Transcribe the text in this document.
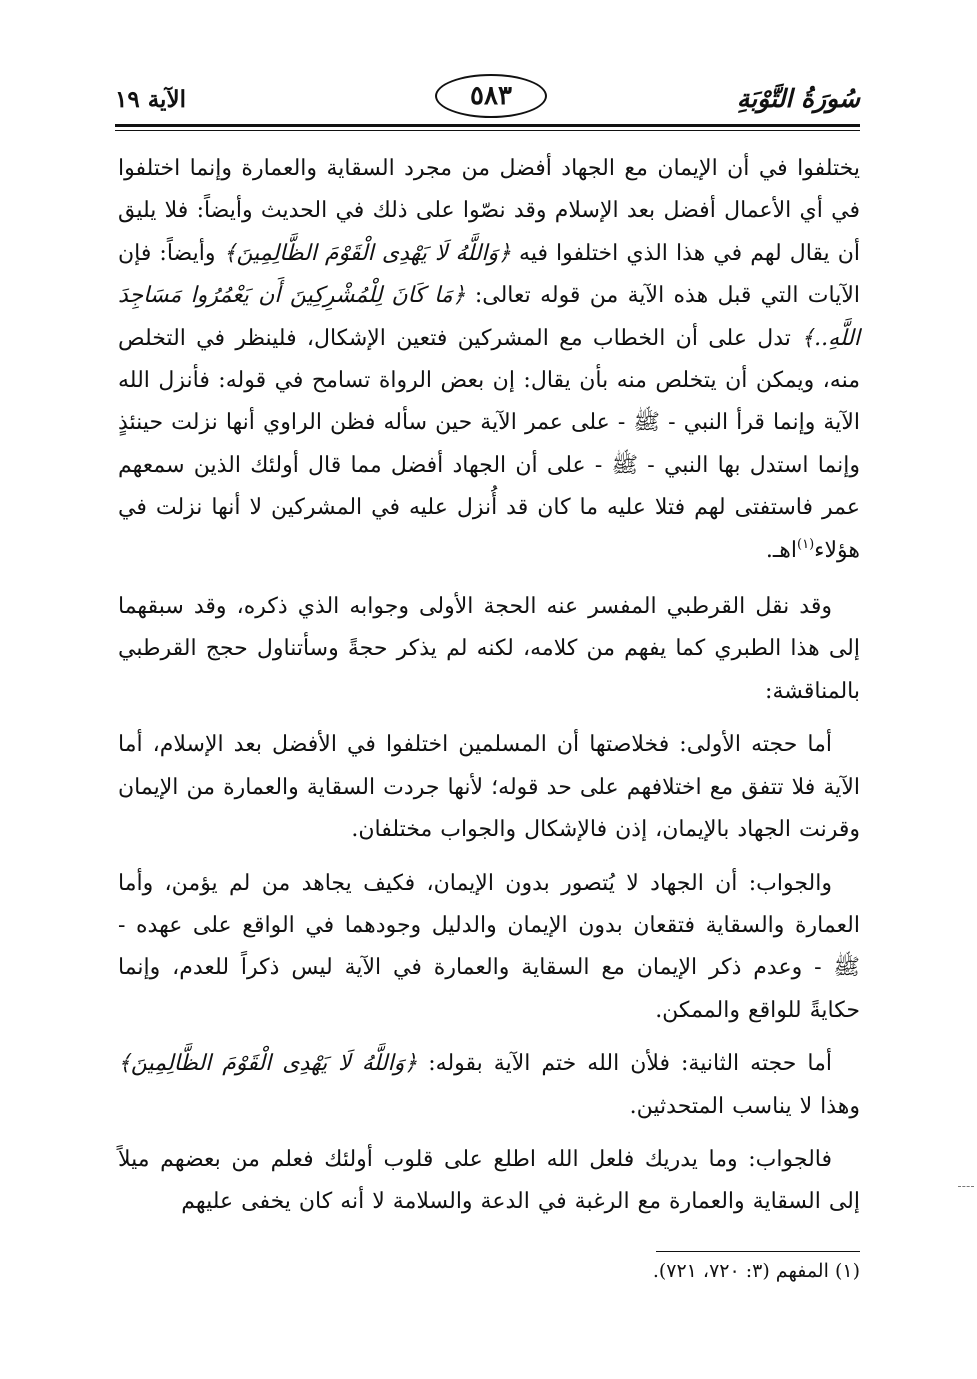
سُورَةُ التَّوْبَةِ
٥٨٣
الآية ١٩

يختلفوا في أن الإيمان مع الجهاد أفضل من مجرد السقاية والعمارة وإنما اختلفوا في أي الأعمال أفضل بعد الإسلام وقد نصّوا على ذلك في الحديث وأيضاً: فلا يليق أن يقال لهم في هذا الذي اختلفوا فيه ﴿وَاللَّهُ لَا يَهْدِى الْقَوْمَ الظَّالِمِينَ﴾ وأيضاً: فإن الآيات التي قبل هذه الآية من قوله تعالى: ﴿مَا كَانَ لِلْمُشْرِكِينَ أَن يَعْمُرُوا مَسَاجِدَ اللَّهِ..﴾ تدل على أن الخطاب مع المشركين فتعين الإشكال، فلينظر في التخلص منه، ويمكن أن يتخلص منه بأن يقال: إن بعض الرواة تسامح في قوله: فأنزل الله الآية وإنما قرأ النبي - ﷺ - على عمر الآية حين سأله فظن الراوي أنها نزلت حينئذٍ وإنما استدل بها النبي - ﷺ - على أن الجهاد أفضل مما قال أولئك الذين سمعهم عمر فاستفتى لهم فتلا عليه ما كان قد أُنزل عليه في المشركين لا أنها نزلت في هؤلاء$^{(١)}$اهـ.

وقد نقل القرطبي المفسر عنه الحجة الأولى وجوابه الذي ذكره، وقد سبقهما إلى هذا الطبري كما يفهم من كلامه، لكنه لم يذكر حجةً وسأتناول حجج القرطبي بالمناقشة:

أما حجته الأولى: فخلاصتها أن المسلمين اختلفوا في الأفضل بعد الإسلام، أما الآية فلا تتفق مع اختلافهم على حد قوله؛ لأنها جردت السقاية والعمارة من الإيمان وقرنت الجهاد بالإيمان، إذن فالإشكال والجواب مختلفان.

والجواب: أن الجهاد لا يُتصور بدون الإيمان، فكيف يجاهد من لم يؤمن، وأما العمارة والسقاية فتقعان بدون الإيمان والدليل وجودهما في الواقع على عهده - ﷺ - وعدم ذكر الإيمان مع السقاية والعمارة في الآية ليس ذكراً للعدم، وإنما حكايةً للواقع والممكن.

أما حجته الثانية: فلأن الله ختم الآية بقوله: ﴿وَاللَّهُ لَا يَهْدِى الْقَوْمَ الظَّالِمِينَ﴾ وهذا لا يناسب المتحدثين.

فالجواب: وما يدريك فلعل الله اطلع على قلوب أولئك فعلم من بعضهم ميلاً إلى السقاية والعمارة مع الرغبة في الدعة والسلامة لا أنه كان يخفى عليهم

(١) المفهم (٣: ٧٢٠، ٧٢١).
